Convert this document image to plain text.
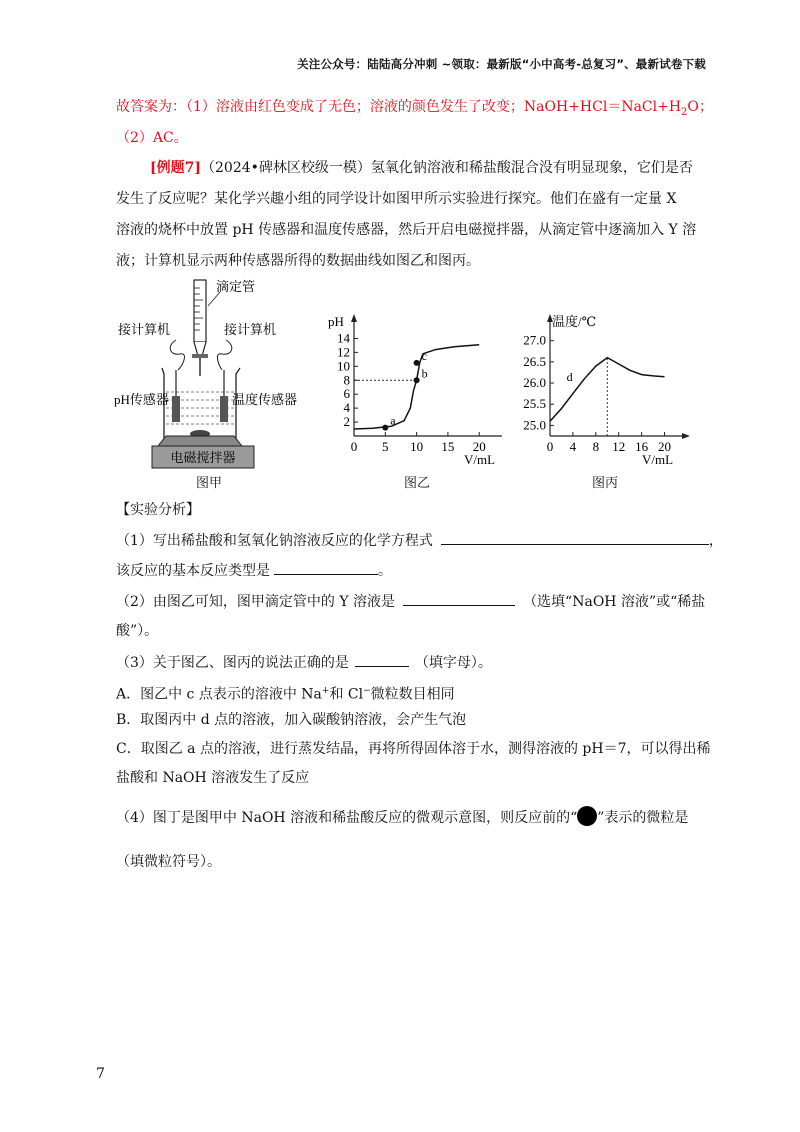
关注公众号：陆陆高分冲刺 ~领取：最新版“小中高考-总复习”、最新试卷下载
故答案为：（1）溶液由红色变成了无色；溶液的颜色发生了改变；$NaOH+HCl=NaCl+H_2O$；
（2）AC。
[例题7]（2024•碑林区校级一模）氢氧化钠溶液和稀盐酸混合没有明显现象，它们是否
发生了反应呢？某化学兴趣小组的同学设计如图甲所示实验进行探究。他们在盛有一定量 X
溶液的烧杯中放置 pH 传感器和温度传感器，然后开启电磁搅拌器，从滴定管中逐滴加入 Y 溶
液；计算机显示两种传感器所得的数据曲线如图乙和图丙。
滴定管
接计算机	接计算机
pH传感器	温度传感器
电磁搅拌器
图甲
pH
V/mL
0 5 10 15 20
2
4
6
8
10
12
14
a
b
c
图乙
温度/℃
V/mL
0 4 8 12 16 20
25.0
25.5
26.0
26.5
27.0
d
图丙
【实验分析】
（1）写出稀盐酸和氢氧化钠溶液反应的化学方程式	，
该反应的基本反应类型是	。
（2）由图乙可知，图甲滴定管中的 Y 溶液是	（选填“NaOH 溶液”或“稀盐
酸”）。
（3）关于图乙、图丙的说法正确的是	（填字母）。
A．图乙中 c 点表示的溶液中 Na+和 Cl−微粒数目相同
B．取图丙中 d 点的溶液，加入碳酸钠溶液，会产生气泡
C．取图乙 a 点的溶液，进行蒸发结晶，再将所得固体溶于水，测得溶液的 pH＝7，可以得出稀
盐酸和 NaOH 溶液发生了反应
（4）图丁是图甲中 NaOH 溶液和稀盐酸反应的微观示意图，则反应前的“ ”表示的微粒是
（填微粒符号）。
7
